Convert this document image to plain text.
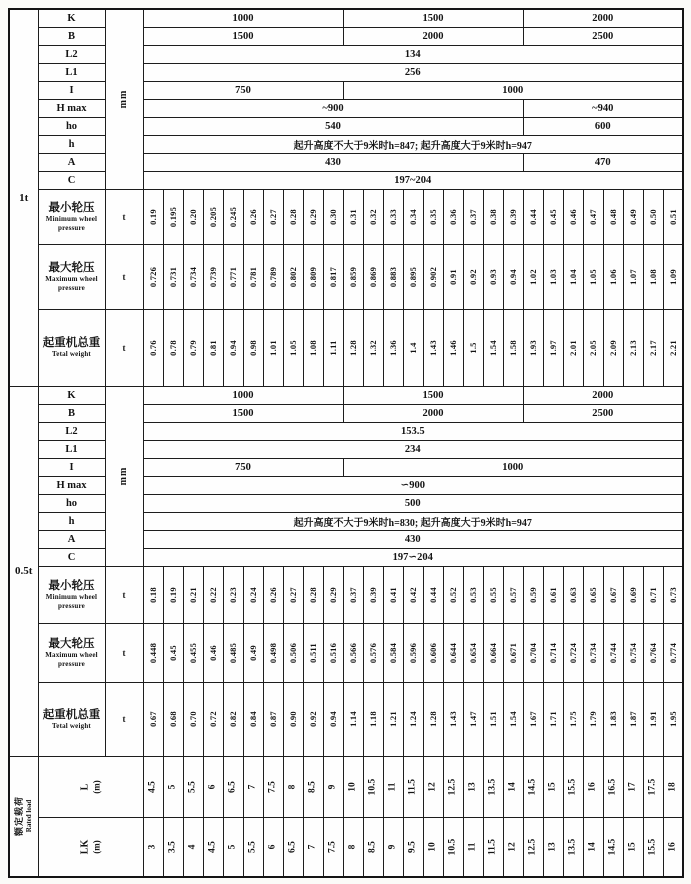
1t	K	mm	1000										1500									2000							
	B		1500										2000									2500							
	L2		134																										
	L1		256																										
	I		750										1000																
	H max		~900																			~940							
	ho		540																			600							
	h		起升高度不大于9米时h=847; 起升高度大于9米时h=947																										
	A		430																			470							
	C		197~204																										

	最小轮压
Minimum wheel pressure	t	0.19	0.195	0.20	0.205	0.245	0.26	0.27	0.28	0.29	0.30	0.31	0.32	0.33	0.34	0.35	0.36	0.37	0.38	0.39	0.44	0.45	0.46	0.47	0.48	0.49	0.50	0.51

	最大轮压
Maximum wheel pressure	t	0.726	0.731	0.734	0.739	0.771	0.781	0.789	0.802	0.809	0.817	0.859	0.869	0.883	0.895	0.902	0.91	0.92	0.93	0.94	1.02	1.03	1.04	1.05	1.06	1.07	1.08	1.09

	起重机总重
Tetal weight	t	0.76	0.78	0.79	0.81	0.94	0.98	1.01	1.05	1.08	1.11	1.28	1.32	1.36	1.4	1.43	1.46	1.5	1.54	1.58	1.93	1.97	2.01	2.05	2.09	2.13	2.17	2.21

0.5t	K	mm	1000										1500									2000							
	B		1500										2000									2500							
	L2		153.5																										
	L1		234																										
	I		750										1000																
	H max		∽900																										
	ho		500																										
	h		起升高度不大于9米时h=830; 起升高度大于9米时h=947																										
	A		430																										
	C		197∽204																										

	最小轮压
Minimum wheel pressure	t	0.18	0.19	0.21	0.22	0.23	0.24	0.26	0.27	0.28	0.29	0.37	0.39	0.41	0.42	0.44	0.52	0.53	0.55	0.57	0.59	0.61	0.63	0.65	0.67	0.69	0.71	0.73

	最大轮压
Maximum wheel pressure	t	0.448	0.45	0.455	0.46	0.485	0.49	0.498	0.506	0.511	0.516	0.566	0.576	0.584	0.596	0.606	0.644	0.654	0.664	0.671	0.704	0.714	0.724	0.734	0.744	0.754	0.764	0.774

	起重机总重
Tetal weight	t	0.67	0.68	0.70	0.72	0.82	0.84	0.87	0.90	0.92	0.94	1.14	1.18	1.21	1.24	1.28	1.43	1.47	1.51	1.54	1.67	1.71	1.75	1.79	1.83	1.87	1.91	1.95

额定载荷 Rated load	L (m)		4.5	5	5.5	6	6.5	7	7.5	8	8.5	9	10	10.5	11	11.5	12	12.5	13	13.5	14	14.5	15	15.5	16	16.5	17	17.5	18

	LK (m)		3	3.5	4	4.5	5	5.5	6	6.5	7	7.5	8	8.5	9	9.5	10	10.5	11	11.5	12	12.5	13	13.5	14	14.5	15	15.5	16
